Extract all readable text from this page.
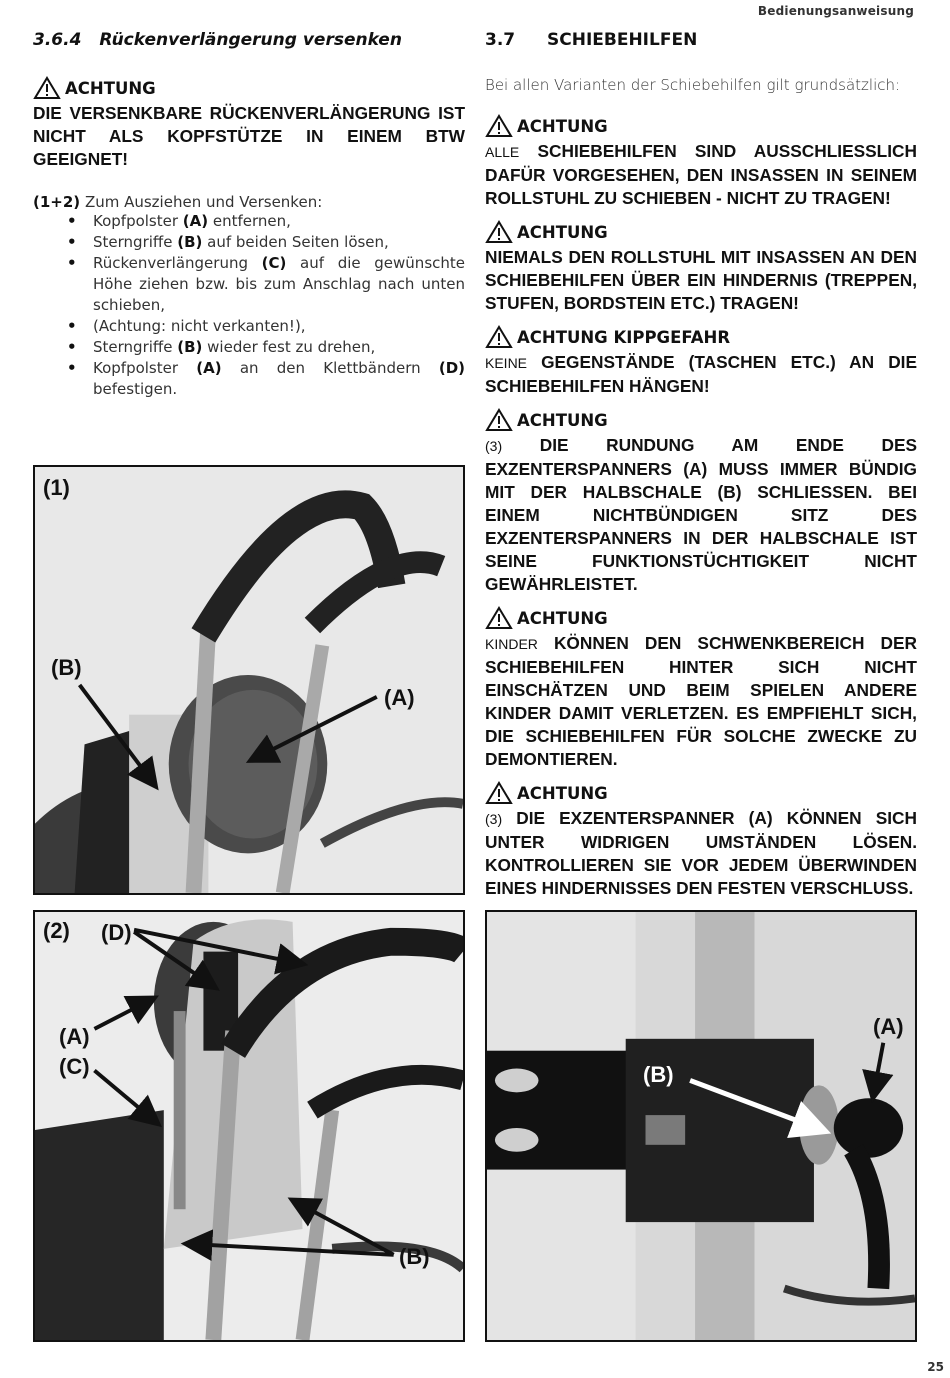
Bedienungsanweisung
3.6.4 Rückenverlängerung versenken
ACHTUNG
DIE VERSENKBARE RÜCKENVERLÄNGERUNG IST NICHT ALS KOPFSTÜTZE IN EINEM BTW GEEIGNET!
(1+2) Zum Ausziehen und Versenken:
• Kopfpolster (A) entfernen,
• Sterngriffe (B) auf beiden Seiten lösen,
• Rückenverlängerung (C) auf die gewünschte Höhe ziehen bzw. bis zum Anschlag nach unten schieben,
• (Achtung: nicht verkanten!),
• Sterngriffe (B) wieder fest zu drehen,
• Kopfpolster (A) an den Klettbändern (D) befestigen.
3.7	SCHIEBEHILFEN
Bei allen Varianten der Schiebehilfen gilt grundsätzlich:
ACHTUNG
ALLE SCHIEBEHILFEN SIND AUSSCHLIESSLICH DAFÜR VORGESEHEN, DEN INSASSEN IN SEINEM ROLLSTUHL ZU SCHIEBEN - NICHT ZU TRAGEN!
ACHTUNG
NIEMALS DEN ROLLSTUHL MIT INSASSEN AN DEN SCHIEBEHILFEN ÜBER EIN HINDERNIS (TREPPEN, STUFEN, BORDSTEIN ETC.) TRAGEN!
ACHTUNG KIPPGEFAHR
KEINE GEGENSTÄNDE (TASCHEN ETC.) AN DIE SCHIEBEHILFEN HÄNGEN!
ACHTUNG
(3) DIE RUNDUNG AM ENDE DES EXZENTERSPANNERS (A) MUSS IMMER BÜNDIG MIT DER HALBSCHALE (B) SCHLIESSEN. BEI EINEM NICHTBÜNDIGEN SITZ DES EXZENTERSPANNERS IN DER HALBSCHALE IST SEINE FUNKTIONSTÜCHTIGKEIT NICHT GEWÄHRLEISTET.
ACHTUNG
KINDER KÖNNEN DEN SCHWENKBEREICH DER SCHIEBEHILFEN HINTER SICH NICHT EINSCHÄTZEN UND BEIM SPIELEN ANDERE KINDER DAMIT VERLETZEN. ES EMPFIEHLT SICH, DIE SCHIEBEHILFEN FÜR SOLCHE ZWECKE ZU DEMONTIEREN.
ACHTUNG
(3) DIE EXZENTERSPANNER (A) KÖNNEN SICH UNTER WIDRIGEN UMSTÄNDEN LÖSEN. KONTROLLIEREN SIE VOR JEDEM ÜBERWINDEN EINES HINDERNISSES DEN FESTEN VERSCHLUSS.
(1)
(B)
(A)
(2) (D)
(A)
(C)
(B)
(A)
(B)
25
